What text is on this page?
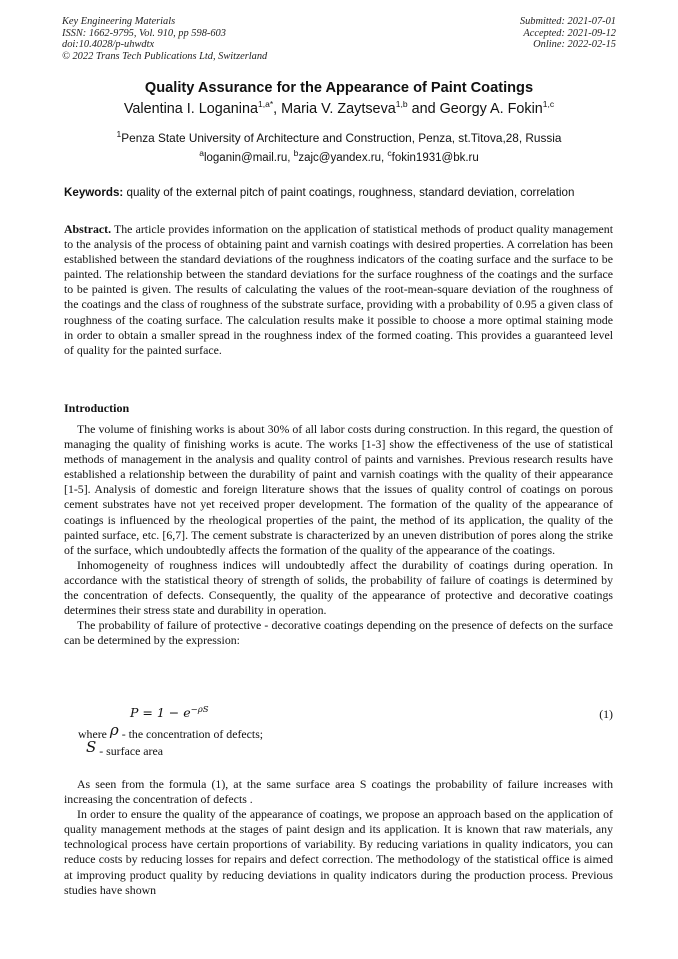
Key Engineering Materials
ISSN: 1662-9795, Vol. 910, pp 598-603
doi:10.4028/p-uhwdtx
© 2022 Trans Tech Publications Ltd, Switzerland
Submitted: 2021-07-01
Accepted: 2021-09-12
Online: 2022-02-15
Quality Assurance for the Appearance of Paint Coatings
Valentina I. Loganina$^{1,a*}$, Maria V. Zaytseva$^{1,b}$ and Georgy A. Fokin$^{1,c}$
$^1$Penza State University of Architecture and Construction, Penza, st.Titova,28, Russia
$^a$loganin@mail.ru, $^b$zajc@yandex.ru, $^c$fokin1931@bk.ru
Keywords: quality of the external pitch of paint coatings, roughness, standard deviation, correlation

Abstract. The article provides information on the application of statistical methods of product quality management to the analysis of the process of obtaining paint and varnish coatings with desired properties. A correlation has been established between the standard deviations of the roughness indicators of the coating surface and the surface to be painted. The relationship between the standard deviations for the surface roughness of the coatings and the surface to be painted is given. The results of calculating the values of the root-mean-square deviation of the roughness of the coatings and the class of roughness of the substrate surface, providing with a probability of 0.95 a given class of roughness of the coating surface. The calculation results make it possible to choose a more optimal staining mode in order to obtain a smaller spread in the roughness index of the formed coating. This provides a guaranteed level of quality for the painted surface.

Introduction

The volume of finishing works is about 30% of all labor costs during construction. In this regard, the question of managing the quality of finishing works is acute. The works [1-3] show the effectiveness of the use of statistical methods of management in the analysis and quality control of paints and varnishes. Previous research results have established a relationship between the durability of paint and varnish coatings with the quality of their appearance [1-5]. Analysis of domestic and foreign literature shows that the issues of quality control of coatings on porous cement substrates have not yet received proper development. The formation of the quality of the appearance of coatings is influenced by the rheological properties of the paint, the method of its application, the quality of the painted surface, etc. [6,7]. The cement substrate is characterized by an uneven distribution of pores along the strike of the surface, which undoubtedly affects the formation of the quality of the appearance of the coatings.

Inhomogeneity of roughness indices will undoubtedly affect the durability of coatings during operation. In accordance with the statistical theory of strength of solids, the probability of failure of coatings is determined by the concentration of defects. Consequently, the quality of the appearance of protective and decorative coatings determines their stress state and durability in operation.

The probability of failure of protective - decorative coatings depending on the presence of defects on the surface can be determined by the expression:

$P = 1 - e^{-\rho S}$	(1)
where ρ - the concentration of defects;
S - surface area

As seen from the formula (1), at the same surface area S coatings the probability of failure increases with increasing the concentration of defects .

In order to ensure the quality of the appearance of coatings, we propose an approach based on the application of quality management methods at the stages of paint design and its application. It is known that raw materials, any technological process have certain proportions of variability. By reducing variations in quality indicators, you can reduce costs by reducing losses for repairs and defect correction. The methodology of the statistical office is aimed at improving product quality by reducing deviations in quality indicators during the production process. Previous studies have shown
